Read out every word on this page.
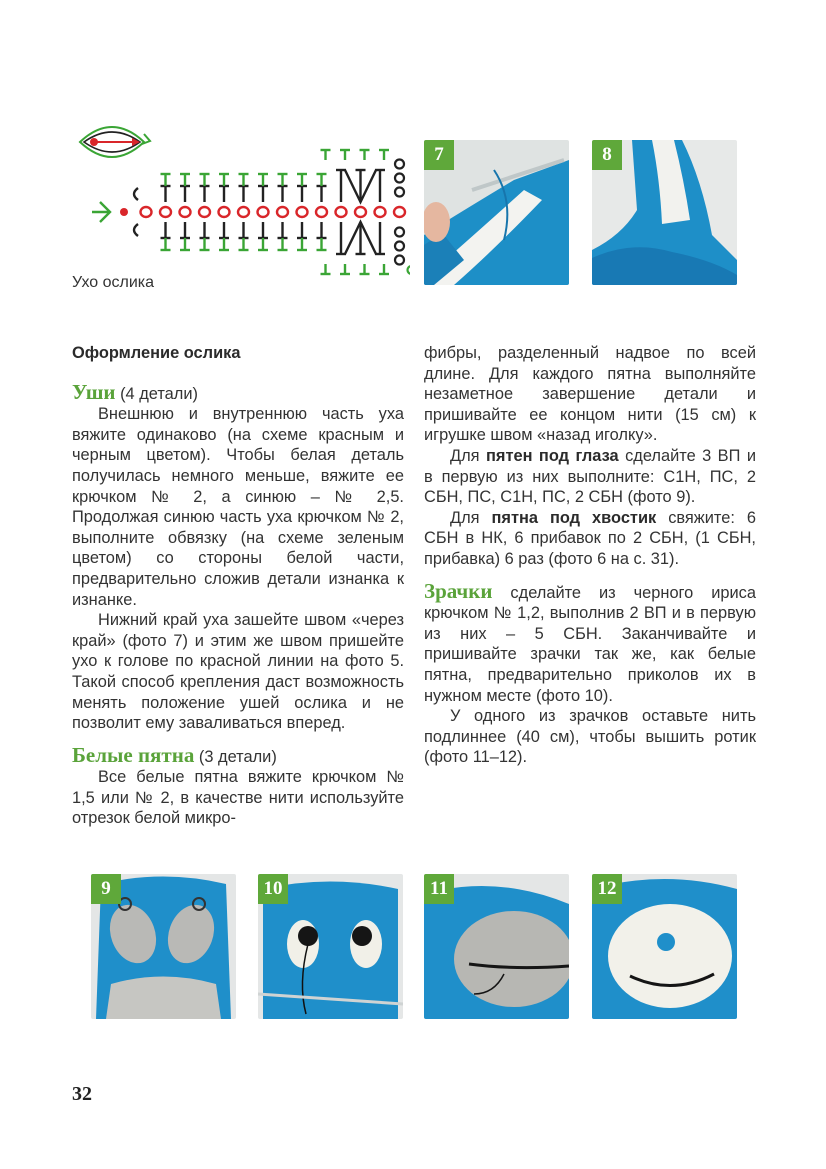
Ухо ослика
7	8
Оформление ослика
Уши (4 детали)

Внешнюю и внутреннюю часть уха вяжите одинаково (на схеме красным и черным цветом). Чтобы белая деталь получилась немного меньше, вяжите ее крючком № 2, а синюю – № 2,5. Продолжая синюю часть уха крючком № 2, выполните обвязку (на схеме зеленым цветом) со стороны белой части, предварительно сложив детали изнанка к изнанке.

Нижний край уха зашейте швом «через край» (фото 7) и этим же швом пришейте ухо к голове по красной линии на фото 5. Такой способ крепления даст возможность менять положение ушей ослика и не позволит ему заваливаться вперед.

Белые пятна (3 детали)

Все белые пятна вяжите крючком № 1,5 или № 2, в качестве нити используйте отрезок белой микро-

фибры, разделенный надвое по всей длине. Для каждого пятна выполняйте незаметное завершение детали и пришивайте ее концом нити (15 см) к игрушке швом «назад иголку».

Для пятен под глаза сделайте 3 ВП и в первую из них выполните: С1Н, ПС, 2 СБН, ПС, С1Н, ПС, 2 СБН (фото 9).

Для пятна под хвостик свяжите: 6 СБН в НК, 6 прибавок по 2 СБН, (1 СБН, прибавка) 6 раз (фото 6 на с. 31).

Зрачки сделайте из черного ириса крючком № 1,2, выполнив 2 ВП и в первую из них – 5 СБН. Заканчивайте и пришивайте зрачки так же, как белые пятна, предварительно приколов их в нужном месте (фото 10).

У одного из зрачков оставьте нить подлиннее (40 см), чтобы вышить ротик (фото 11–12).

9	10	11	12
32
